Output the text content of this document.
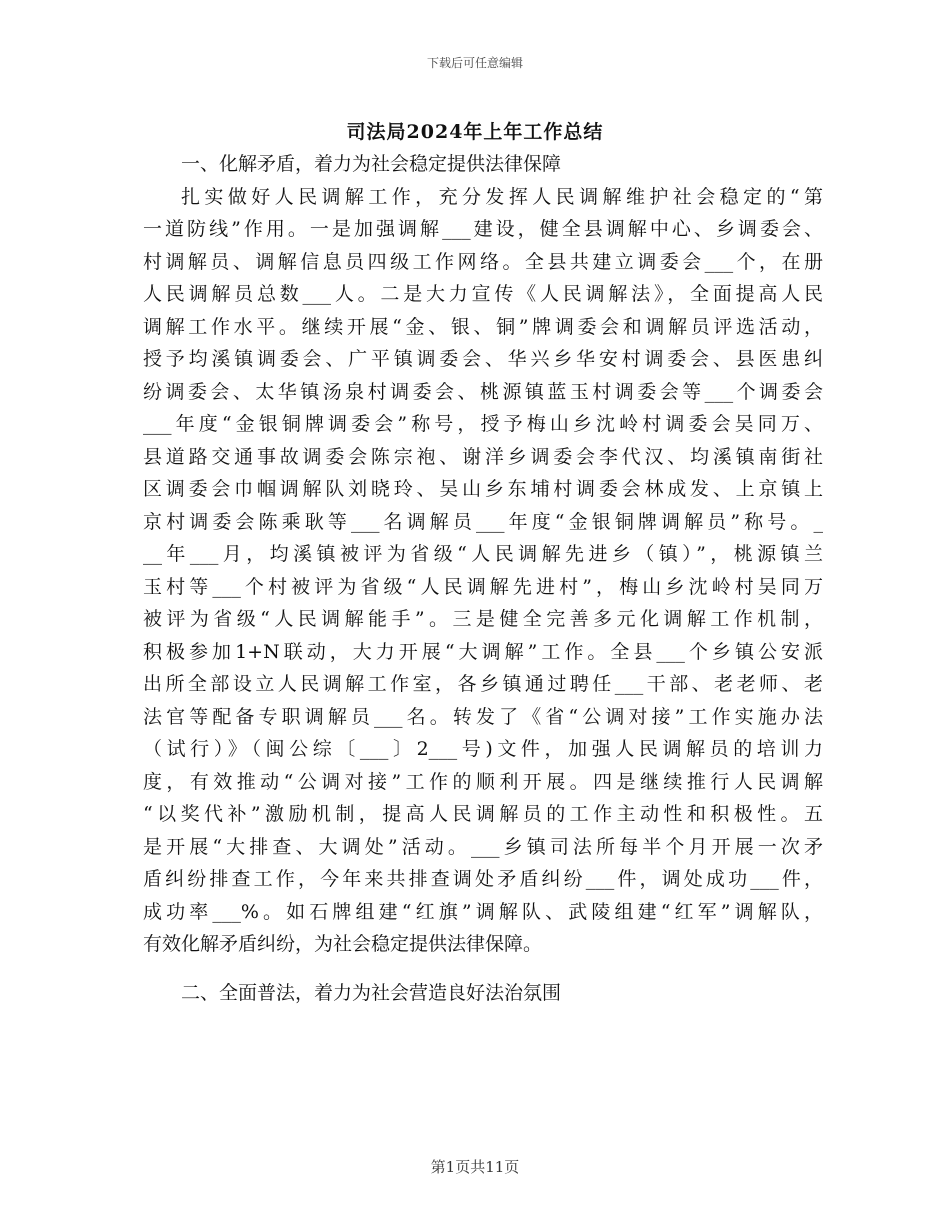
下载后可任意编辑
司法局2024年上年工作总结
一、化解矛盾，着力为社会稳定提供法律保障
扎实做好人民调解工作，充分发挥人民调解维护社会稳定的“第
一道防线”作用。一是加强调解___建设，健全县调解中心、乡调委会、
村调解员、调解信息员四级工作网络。全县共建立调委会___个，在册
人民调解员总数___人。二是大力宣传《人民调解法》，全面提高人民
调解工作水平。继续开展“金、银、铜”牌调委会和调解员评选活动，
授予均溪镇调委会、广平镇调委会、华兴乡华安村调委会、县医患纠
纷调委会、太华镇汤泉村调委会、桃源镇蓝玉村调委会等___个调委会
___年度“金银铜牌调委会”称号，授予梅山乡沈岭村调委会吴同万、
县道路交通事故调委会陈宗袍、谢洋乡调委会李代汉、均溪镇南街社
区调委会巾帼调解队刘晓玲、吴山乡东埔村调委会林成发、上京镇上
京村调委会陈乘耿等___名调解员___年度“金银铜牌调解员”称号。_
__年___月，均溪镇被评为省级“人民调解先进乡（镇）”，桃源镇兰
玉村等___个村被评为省级“人民调解先进村”，梅山乡沈岭村吴同万
被评为省级“人民调解能手”。三是健全完善多元化调解工作机制，
积极参加1+N联动，大力开展“大调解”工作。全县___个乡镇公安派
出所全部设立人民调解工作室，各乡镇通过聘任___干部、老老师、老
法官等配备专职调解员___名。转发了《省“公调对接”工作实施办法
（试行）》（闽公综〔___〕2___号)文件，加强人民调解员的培训力
度，有效推动“公调对接”工作的顺利开展。四是继续推行人民调解
“以奖代补”激励机制，提高人民调解员的工作主动性和积极性。五
是开展“大排查、大调处”活动。___乡镇司法所每半个月开展一次矛
盾纠纷排查工作，今年来共排查调处矛盾纠纷___件，调处成功___件，
成功率___%。如石牌组建“红旗”调解队、武陵组建“红军”调解队，
有效化解矛盾纠纷，为社会稳定提供法律保障。
二、全面普法，着力为社会营造良好法治氛围
第1页共11页
